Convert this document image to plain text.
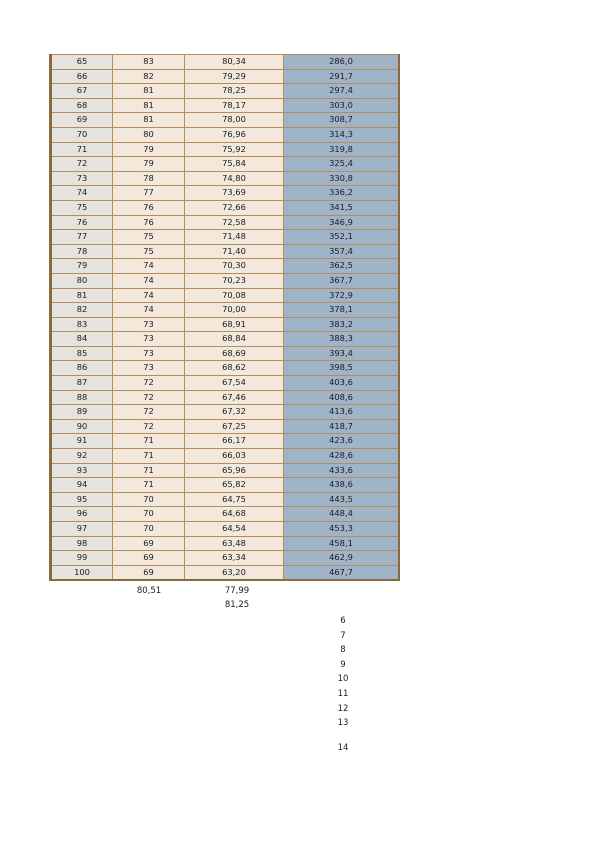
65	83	80,34	286,0
66	82	79,29	291,7
67	81	78,25	297,4
68	81	78,17	303,0
69	81	78,00	308,7
70	80	76,96	314,3
71	79	75,92	319,8
72	79	75,84	325,4
73	78	74,80	330,8
74	77	73,69	336,2
75	76	72,66	341,5
76	76	72,58	346,9
77	75	71,48	352,1
78	75	71,40	357,4
79	74	70,30	362,5
80	74	70,23	367,7
81	74	70,08	372,9
82	74	70,00	378,1
83	73	68,91	383,2
84	73	68,84	388,3
85	73	68,69	393,4
86	73	68,62	398,5
87	72	67,54	403,6
88	72	67,46	408,6
89	72	67,32	413,6
90	72	67,25	418,7
91	71	66,17	423,6
92	71	66,03	428,6
93	71	65,96	433,6
94	71	65,82	438,6
95	70	64,75	443,5
96	70	64,68	448,4
97	70	64,54	453,3
98	69	63,48	458,1
99	69	63,34	462,9
100	69	63,20	467,7
80,51	77,99
81,25
6
7
8
9
10
11
12
13
14
